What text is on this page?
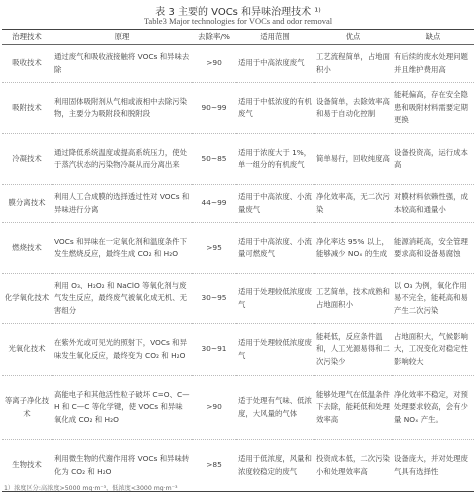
表 3 主要的 VOCs 和异味治理技术 ¹⁾
Table3 Major technologies for VOCs and odor removal
治理技术	原理	去除率/%	适用范围	优点	缺点
吸收技术	通过废气和吸收液接触将 VOCs 和异味去除	>90	适用于中高浓度废气	工艺流程简单，占地面积小	有后续的废水处理问题并且维护费用高
吸附技术	利用固体吸附剂从气相或液相中去除污染物，主要分为吸附段和脱附段	90~99	适用于中低浓度的有机废气	设备简单，去除效率高和易于自动化控制	能耗偏高，存在安全隐患和吸附材料需要定期更换
冷凝技术	通过降低系统温度或提高系统压力，使处于蒸汽状态的污染物冷凝从而分离出来	50~85	适用于浓度大于 1%，单一组分的有机废气	简单易行，回收纯度高	设备投资高，运行成本高
膜分离技术	利用人工合成膜的选择透过性对 VOCs 和异味进行分离	44~99	适用于中高浓度、小流量废气	净化效率高，无二次污染	对膜材料依赖性强，成本较高和通量小
燃烧技术	VOCs 和异味在一定氧化剂和温度条件下发生燃烧反应，最终生成 CO₂ 和 H₂O	>95	适用于中高浓度、小流量可燃废气	净化率达 95% 以上，能够减少 NOₓ 的生成	能源消耗高，安全管理要求高和设备易腐蚀
化学氧化技术	利用 O₃、H₂O₂ 和 NaClO 等氧化剂与废气发生反应，最终废气被氧化成无机、无害组分	30~95	适用于处理较低浓度废气	工艺简单，技术成熟和占地面积小	以 O₃ 为例，氧化作用易不完全，能耗高和易产生二次污染
光氧化技术	在紫外光或可见光的照射下，VOCs 和异味发生氧化反应，最终变为 CO₂ 和 H₂O	30~91	适用于处理较低浓度废气	能耗低，反应条件温和，人工光源易得和二次污染少	占地面积大，气候影响大，工况变化对稳定性影响较大
等离子净化技术	高能电子和其他活性粒子破坏 C=O、C—H 和 C—C 等化学键，使 VOCs 和异味氧化成 CO₂ 和 H₂O	>90	适于处理有气味、低浓度，大风量的气体	能够处理气在低温条件下去除，能耗低和处理效率高	净化效率不稳定，对预处理要求较高，会有少量 NOₓ 产生。
生物技术	利用微生物的代谢作用将 VOCs 和异味转化为 CO₂ 和 H₂O	>85	适用于低浓度，风量和浓度较稳定的废气	投资成本低，二次污染小和处理效率高	设备庞大，并对处理废气具有选择性
1）浓度区分:高浓度>5000 mg·m⁻³，低浓度<3000 mg·m⁻³
